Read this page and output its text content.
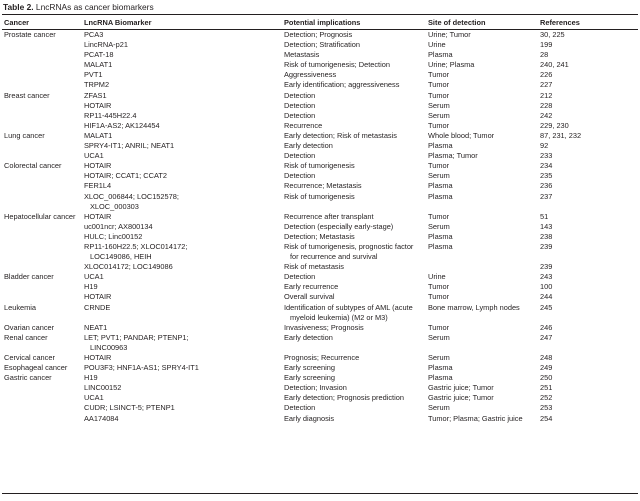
Table 2. LncRNAs as cancer biomarkers
Cancer	LncRNA Biomarker	Potential implications	Site of detection	References
Prostate cancer	PCA3	Detection; Prognosis	Urine; Tumor	30, 225
	LincRNA-p21	Detection; Stratification	Urine	199
	PCAT-18	Metastasis	Plasma	28
	MALAT1	Risk of tumorigenesis; Detection	Urine; Plasma	240, 241
	PVT1	Aggressiveness	Tumor	226
	TRPM2	Early identification; aggressiveness	Tumor	227
Breast cancer	ZFAS1	Detection	Tumor	212
	HOTAIR	Detection	Serum	228
	RP11-445H22.4	Detection	Serum	242
	HIF1A-AS2; AK124454	Recurrence	Tumor	229, 230
Lung cancer	MALAT1	Early detection; Risk of metastasis	Whole blood; Tumor	87, 231, 232
	SPRY4-IT1; ANRIL; NEAT1	Early detection	Plasma	92
	UCA1	Detection	Plasma; Tumor	233
Colorectal cancer	HOTAIR	Risk of tumorigenesis	Tumor	234
	HOTAIR; CCAT1; CCAT2	Detection	Serum	235
	FER1L4	Recurrence; Metastasis	Plasma	236
	XLOC_006844; LOC152578;	Risk of tumorigenesis	Plasma	237
	XLOC_000303			
Hepatocellular cancer	HOTAIR	Recurrence after transplant	Tumor	51
	uc001ncr; AX800134	Detection (especially early-stage)	Serum	143
	HULC; Linc00152	Detection; Metastasis	Plasma	238
	RP11-160H22.5; XLOC014172;	Risk of tumorigenesis, prognostic factor	Plasma	239
	LOC149086, HEIH	for recurrence and survival		
	XLOC014172; LOC149086	Risk of metastasis		239
Bladder cancer	UCA1	Detection	Urine	243
	H19	Early recurrence	Tumor	100
	HOTAIR	Overall survival	Tumor	244
Leukemia	CRNDE	Identification of subtypes of AML (acute	Bone marrow, Lymph nodes	245
		myeloid leukemia) (M2 or M3)		
Ovarian cancer	NEAT1	Invasiveness; Prognosis	Tumor	246
Renal cancer	LET; PVT1; PANDAR; PTENP1;	Early detection	Serum	247
	LINC00963			
Cervical cancer	HOTAIR	Prognosis; Recurrence	Serum	248
Esophageal cancer	POU3F3; HNF1A-AS1; SPRY4-IT1	Early screening	Plasma	249
Gastric cancer	H19	Early screening	Plasma	250
	LINC00152	Detection; Invasion	Gastric juice; Tumor	251
	UCA1	Early detection; Prognosis prediction	Gastric juice; Tumor	252
	CUDR; LSINCT-5; PTENP1	Detection	Serum	253
	AA174084	Early diagnosis	Tumor; Plasma; Gastric juice	254
